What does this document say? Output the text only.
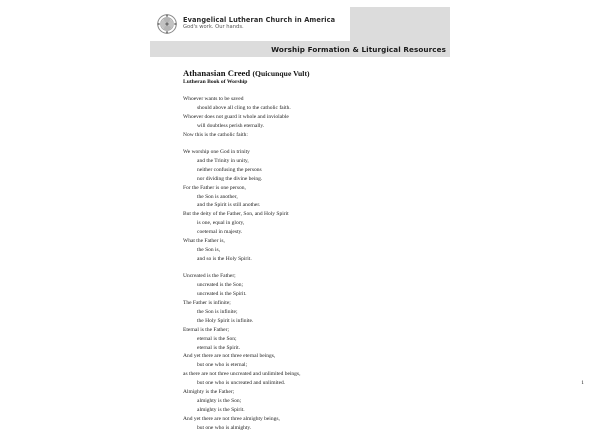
Evangelical Lutheran Church in America
God's work. Our hands.
Worship Formation & Liturgical Resources
Athanasian Creed (Quicunque Vult)
Lutheran Book of Worship
Whoever wants to be saved
should above all cling to the catholic faith.
Whoever does not guard it whole and inviolable
will doubtless perish eternally.
Now this is the catholic faith:
We worship one God in trinity
and the Trinity in unity,
neither confusing the persons
nor dividing the divine being.
For the Father is one person,
the Son is another,
and the Spirit is still another.
But the deity of the Father, Son, and Holy Spirit
is one, equal in glory,
coeternal in majesty.
What the Father is,
the Son is,
and so is the Holy Spirit.
Uncreated is the Father;
uncreated is the Son;
uncreated is the Spirit.
The Father is infinite;
the Son is infinite;
the Holy Spirit is infinite.
Eternal is the Father;
eternal is the Son;
eternal is the Spirit.
And yet there are not three eternal beings,
but one who is eternal;
as there are not three uncreated and unlimited beings,
but one who is uncreated and unlimited.
Almighty is the Father;
almighty is the Son;
almighty is the Spirit.
And yet there are not three almighty beings,
but one who is almighty.
1
